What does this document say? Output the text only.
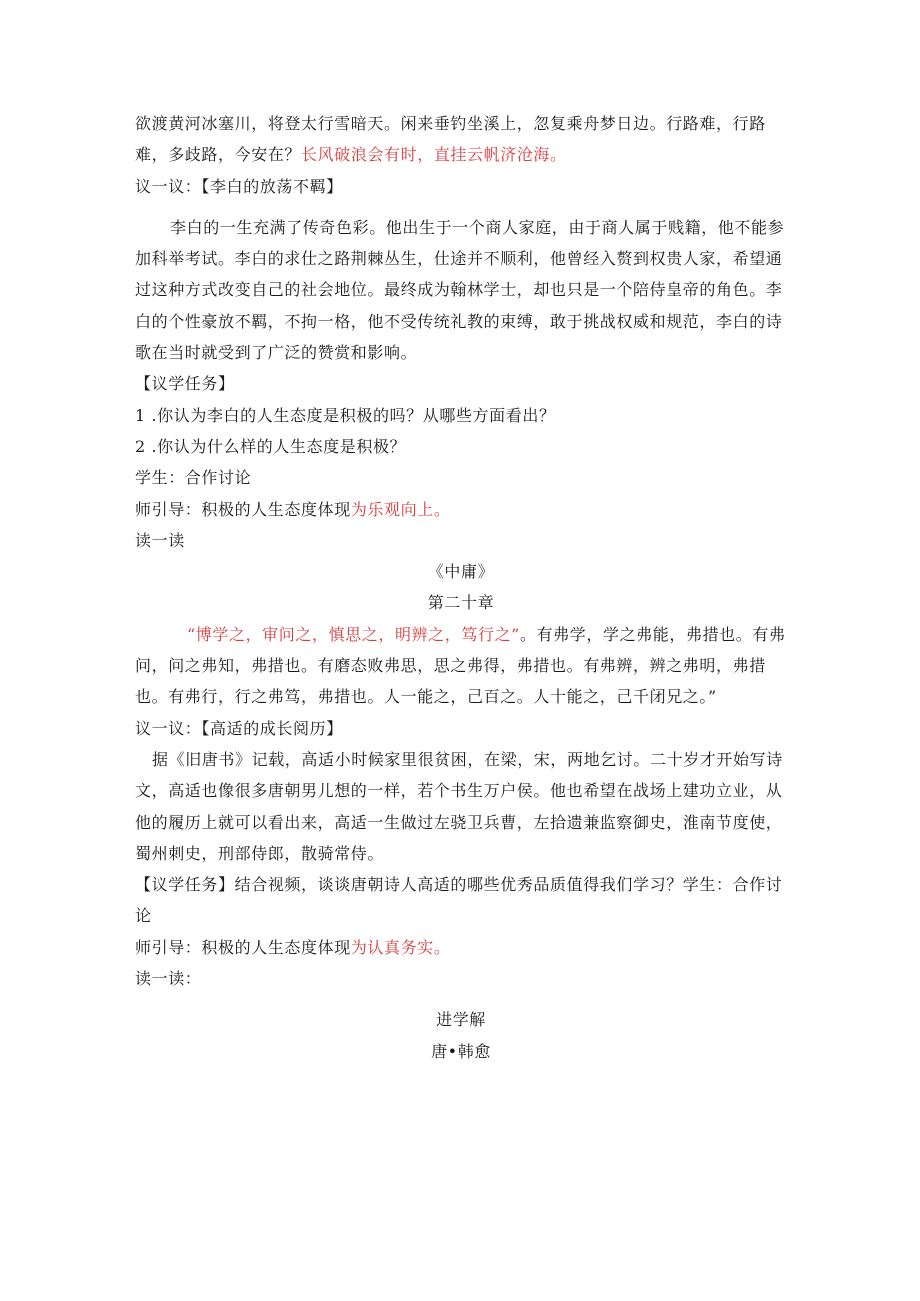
欲渡黄河冰塞川，将登太行雪暗天。闲来垂钓坐溪上，忽复乘舟梦日边。行路难，行路难，多歧路，今安在？长风破浪会有时，直挂云帆济沧海。

议一议：【李白的放荡不羁】

李白的一生充满了传奇色彩。他出生于一个商人家庭，由于商人属于贱籍，他不能参加科举考试。李白的求仕之路荆棘丛生，仕途并不顺利，他曾经入赘到权贵人家，希望通过这种方式改变自己的社会地位。最终成为翰林学士，却也只是一个陪侍皇帝的角色。李白的个性豪放不羁，不拘一格，他不受传统礼教的束缚，敢于挑战权威和规范，李白的诗歌在当时就受到了广泛的赞赏和影响。

【议学任务】

1 .你认为李白的人生态度是积极的吗？从哪些方面看出？

2 .你认为什么样的人生态度是积极？

学生：合作讨论

师引导：积极的人生态度体现为乐观向上。

读一读

《中庸》

第二十章

“博学之，审问之，慎思之，明辨之，笃行之”。有弗学，学之弗能，弗措也。有弗问，问之弗知，弗措也。有磨态败弗思，思之弗得，弗措也。有弗辨，辨之弗明，弗措也。有弗行，行之弗笃，弗措也。人一能之，己百之。人十能之，己千闭兄之。”

议一议：【高适的成长阅历】

据《旧唐书》记载，高适小时候家里很贫困，在梁，宋，两地乞讨。二十岁才开始写诗文，高适也像很多唐朝男儿想的一样，若个书生万户侯。他也希望在战场上建功立业，从他的履历上就可以看出来，高适一生做过左骁卫兵曹，左拾遗兼监察御史，淮南节度使，蜀州刺史，刑部侍郎，散骑常侍。

【议学任务】结合视频，谈谈唐朝诗人高适的哪些优秀品质值得我们学习？学生：合作讨论

师引导：积极的人生态度体现为认真务实。

读一读：

进学解

唐•韩愈
